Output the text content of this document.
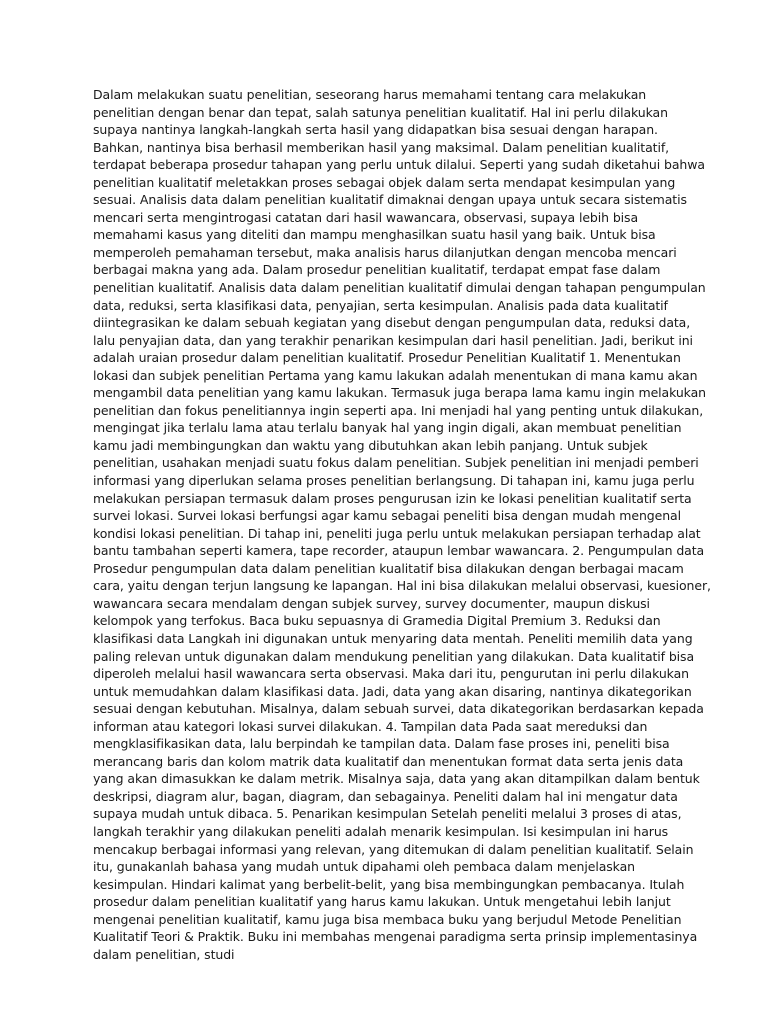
Dalam melakukan suatu penelitian, seseorang harus memahami tentang cara melakukan penelitian dengan benar dan tepat, salah satunya penelitian kualitatif. Hal ini perlu dilakukan supaya nantinya langkah-langkah serta hasil yang didapatkan bisa sesuai dengan harapan. Bahkan, nantinya bisa berhasil memberikan hasil yang maksimal. Dalam penelitian kualitatif, terdapat beberapa prosedur tahapan yang perlu untuk dilalui. Seperti yang sudah diketahui bahwa penelitian kualitatif meletakkan proses sebagai objek dalam serta mendapat kesimpulan yang sesuai. Analisis data dalam penelitian kualitatif dimaknai dengan upaya untuk secara sistematis mencari serta mengintrogasi catatan dari hasil wawancara, observasi, supaya lebih bisa memahami kasus yang diteliti dan mampu menghasilkan suatu hasil yang baik. Untuk bisa memperoleh pemahaman tersebut, maka analisis harus dilanjutkan dengan mencoba mencari berbagai makna yang ada. Dalam prosedur penelitian kualitatif, terdapat empat fase dalam penelitian kualitatif. Analisis data dalam penelitian kualitatif dimulai dengan tahapan pengumpulan data, reduksi, serta klasifikasi data, penyajian, serta kesimpulan. Analisis pada data kualitatif diintegrasikan ke dalam sebuah kegiatan yang disebut dengan pengumpulan data, reduksi data, lalu penyajian data, dan yang terakhir penarikan kesimpulan dari hasil penelitian. Jadi, berikut ini adalah uraian prosedur dalam penelitian kualitatif. Prosedur Penelitian Kualitatif 1. Menentukan lokasi dan subjek penelitian Pertama yang kamu lakukan adalah menentukan di mana kamu akan mengambil data penelitian yang kamu lakukan. Termasuk juga berapa lama kamu ingin melakukan penelitian dan fokus penelitiannya ingin seperti apa. Ini menjadi hal yang penting untuk dilakukan, mengingat jika terlalu lama atau terlalu banyak hal yang ingin digali, akan membuat penelitian kamu jadi membingungkan dan waktu yang dibutuhkan akan lebih panjang. Untuk subjek penelitian, usahakan menjadi suatu fokus dalam penelitian. Subjek penelitian ini menjadi pemberi informasi yang diperlukan selama proses penelitian berlangsung. Di tahapan ini, kamu juga perlu melakukan persiapan termasuk dalam proses pengurusan izin ke lokasi penelitian kualitatif serta survei lokasi. Survei lokasi berfungsi agar kamu sebagai peneliti bisa dengan mudah mengenal kondisi lokasi penelitian. Di tahap ini, peneliti juga perlu untuk melakukan persiapan terhadap alat bantu tambahan seperti kamera, tape recorder, ataupun lembar wawancara. 2. Pengumpulan data Prosedur pengumpulan data dalam penelitian kualitatif bisa dilakukan dengan berbagai macam cara, yaitu dengan terjun langsung ke lapangan. Hal ini bisa dilakukan melalui observasi, kuesioner, wawancara secara mendalam dengan subjek survey, survey documenter, maupun diskusi kelompok yang terfokus. Baca buku sepuasnya di Gramedia Digital Premium 3. Reduksi dan klasifikasi data Langkah ini digunakan untuk menyaring data mentah. Peneliti memilih data yang paling relevan untuk digunakan dalam mendukung penelitian yang dilakukan. Data kualitatif bisa diperoleh melalui hasil wawancara serta observasi. Maka dari itu, pengurutan ini perlu dilakukan untuk memudahkan dalam klasifikasi data. Jadi, data yang akan disaring, nantinya dikategorikan sesuai dengan kebutuhan. Misalnya, dalam sebuah survei, data dikategorikan berdasarkan kepada informan atau kategori lokasi survei dilakukan. 4. Tampilan data Pada saat mereduksi dan mengklasifikasikan data, lalu berpindah ke tampilan data. Dalam fase proses ini, peneliti bisa merancang baris dan kolom matrik data kualitatif dan menentukan format data serta jenis data yang akan dimasukkan ke dalam metrik. Misalnya saja, data yang akan ditampilkan dalam bentuk deskripsi, diagram alur, bagan, diagram, dan sebagainya. Peneliti dalam hal ini mengatur data supaya mudah untuk dibaca. 5. Penarikan kesimpulan Setelah peneliti melalui 3 proses di atas, langkah terakhir yang dilakukan peneliti adalah menarik kesimpulan. Isi kesimpulan ini harus mencakup berbagai informasi yang relevan, yang ditemukan di dalam penelitian kualitatif. Selain itu, gunakanlah bahasa yang mudah untuk dipahami oleh pembaca dalam menjelaskan kesimpulan. Hindari kalimat yang berbelit-belit, yang bisa membingungkan pembacanya. Itulah prosedur dalam penelitian kualitatif yang harus kamu lakukan. Untuk mengetahui lebih lanjut mengenai penelitian kualitatif, kamu juga bisa membaca buku yang berjudul Metode Penelitian Kualitatif Teori & Praktik. Buku ini membahas mengenai paradigma serta prinsip implementasinya dalam penelitian, studi
